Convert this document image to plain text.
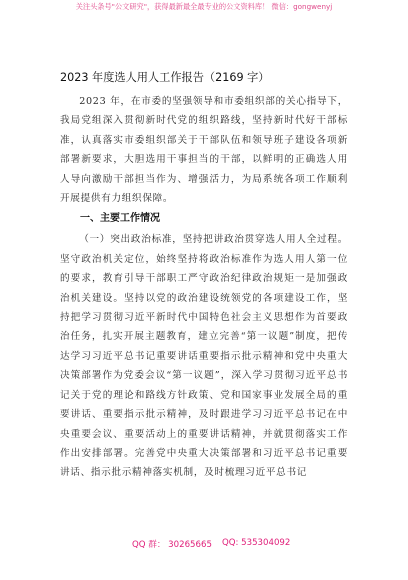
关注头条号"公文研究"，获得最新最全最专业的公文资料库！ 微信：gongwenyj

2023 年度选人用人工作报告（2169 字）

2023 年，在市委的坚强领导和市委组织部的关心指导下，我局党组深入贯彻新时代党的组织路线，坚持新时代好干部标准，认真落实市委组织部关于干部队伍和领导班子建设各项新部署新要求，大胆选用干事担当的干部，以鲜明的正确选人用人导向激励干部担当作为、增强活力，为局系统各项工作顺利开展提供有力组织保障。

一、主要工作情况

（一）突出政治标准，坚持把讲政治贯穿选人用人全过程。坚守政治机关定位，始终坚持将政治标准作为选人用人第一位的要求，教育引导干部职工严守政治纪律政治规矩一是加强政治机关建设。坚持以党的政治建设统领党的各项建设工作，坚持把学习贯彻习近平新时代中国特色社会主义思想作为首要政治任务，扎实开展主题教育，建立完善“第一议题”制度，把传达学习习近平总书记重要讲话重要指示批示精神和党中央重大决策部署作为党委会议“第一议题”，深入学习贯彻习近平总书记关于党的理论和路线方针政策、党和国家事业发展全局的重要讲话、重要指示批示精神，及时跟进学习习近平总书记在中央重要会议、重要活动上的重要讲话精神，并就贯彻落实工作作出安排部署。完善党中央重大决策部署和习近平总书记重要讲话、指示批示精神落实机制，及时梳理习近平总书记

QQ 群： 30265665 QQ: 535304092
